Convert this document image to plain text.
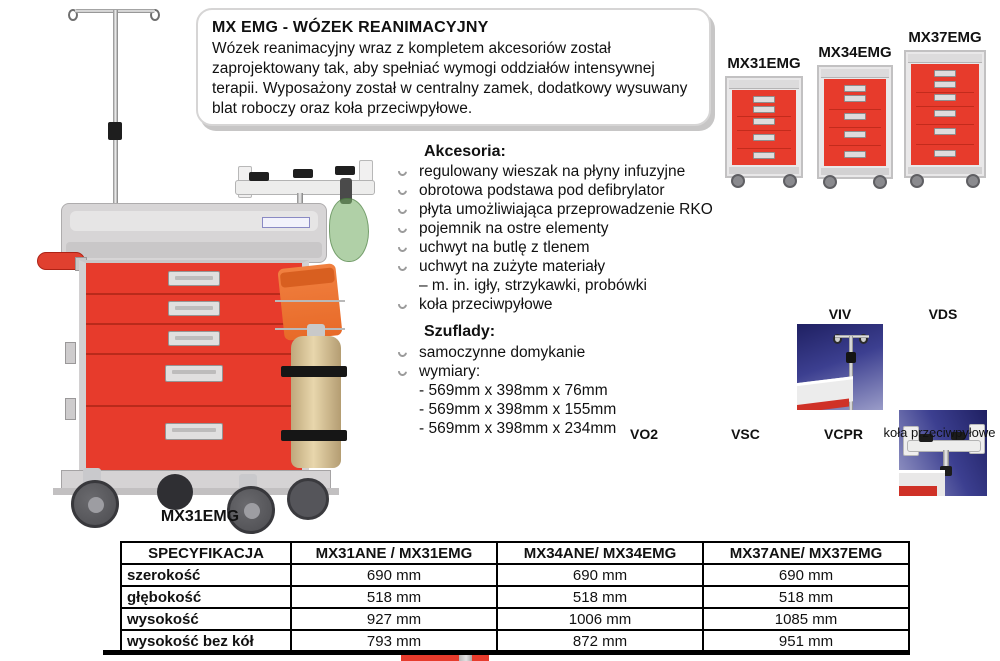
MX31EMG
MX EMG - WÓZEK REANIMACYJNY
Wózek reanimacyjny wraz z kompletem akcesoriów został zaprojektowany tak, aby spełniać wymogi oddziałów intensywnej terapii. Wyposażony został w centralny zamek, dodatkowy wysuwany blat roboczy oraz koła przeciwpyłowe.
MX31EMG
MX34EMG
MX37EMG
Akcesoria:
regulowany wieszak na płyny infuzyjne
obrotowa podstawa pod defibrylator
płyta umożliwiająca przeprowadzenie RKO
pojemnik na ostre elementy
uchwyt na butlę z tlenem
uchwyt na zużyte materiały
– m. in. igły, strzykawki, probówki
koła przeciwpyłowe
Szuflady:
samoczynne domykanie
wymiary:
- 569mm x 398mm x 76mm
- 569mm x 398mm x 155mm
- 569mm x 398mm x 234mm
VIV	VDS
VO2	VSC	VCPR	koła przeciwpyłowe
SPECYFIKACJA	MX31ANE / MX31EMG	MX34ANE/ MX34EMG	MX37ANE/ MX37EMG
szerokość	690 mm	690 mm	690 mm
głębokość	518 mm	518 mm	518 mm
wysokość	927 mm	1006 mm	1085 mm
wysokość bez kół	793 mm	872 mm	951 mm
